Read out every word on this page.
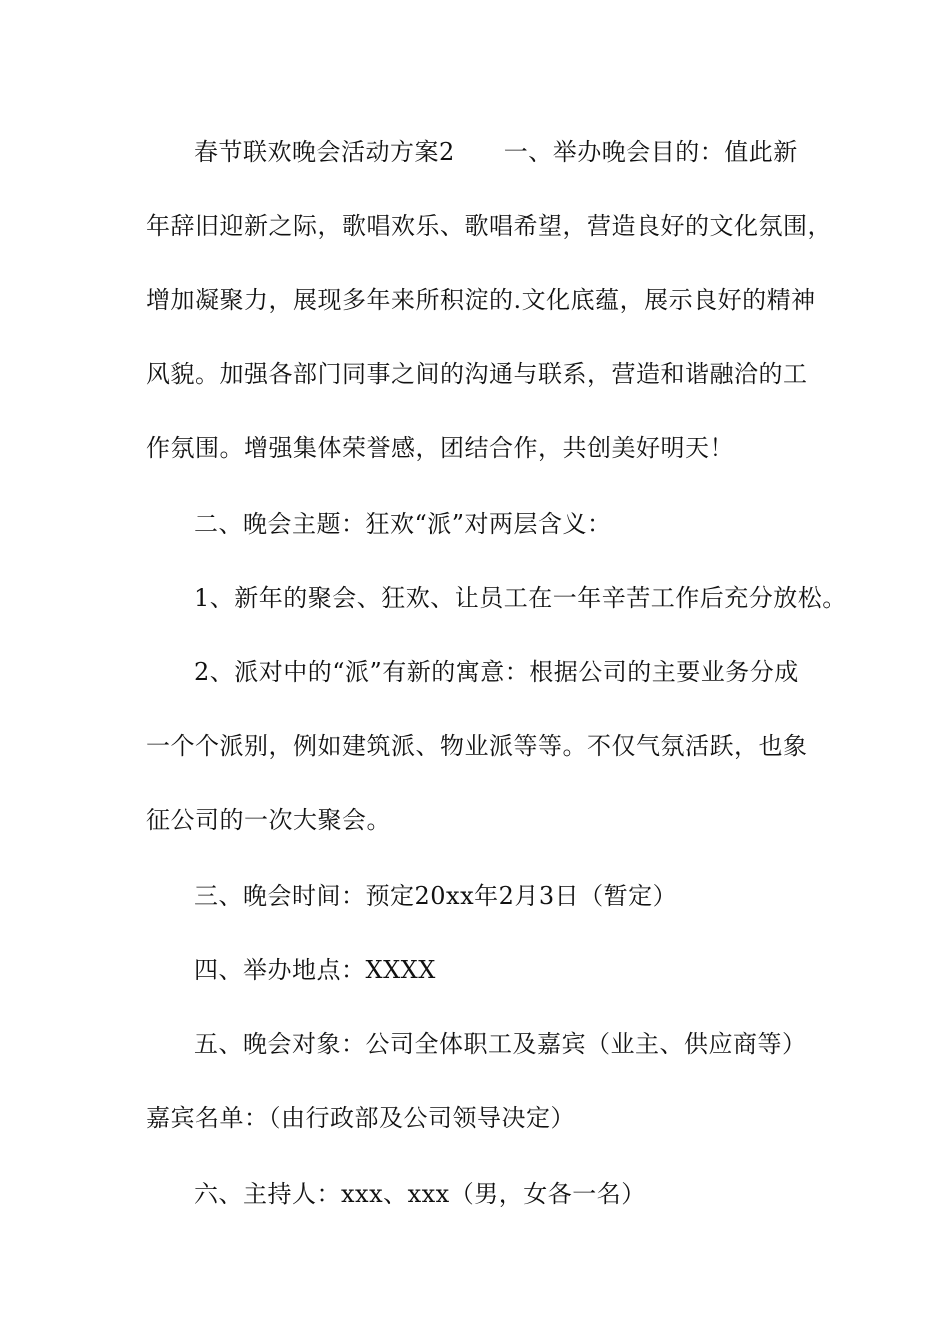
春节联欢晚会活动方案2　　一、举办晚会目的：值此新
年辞旧迎新之际，歌唱欢乐、歌唱希望，营造良好的文化氛围，
增加凝聚力，展现多年来所积淀的.文化底蕴，展示良好的精神
风貌。加强各部门同事之间的沟通与联系，营造和谐融洽的工
作氛围。增强集体荣誉感，团结合作，共创美好明天！
二、晚会主题：狂欢“派”对两层含义：
1、新年的聚会、狂欢、让员工在一年辛苦工作后充分放松。
2、派对中的“派”有新的寓意：根据公司的主要业务分成
一个个派别，例如建筑派、物业派等等。不仅气氛活跃，也象
征公司的一次大聚会。
三、晚会时间：预定20xx年2月3日（暂定）
四、举办地点：XXXX
五、晚会对象：公司全体职工及嘉宾（业主、供应商等）
嘉宾名单：（由行政部及公司领导决定）
六、主持人：xxx、xxx（男，女各一名）
